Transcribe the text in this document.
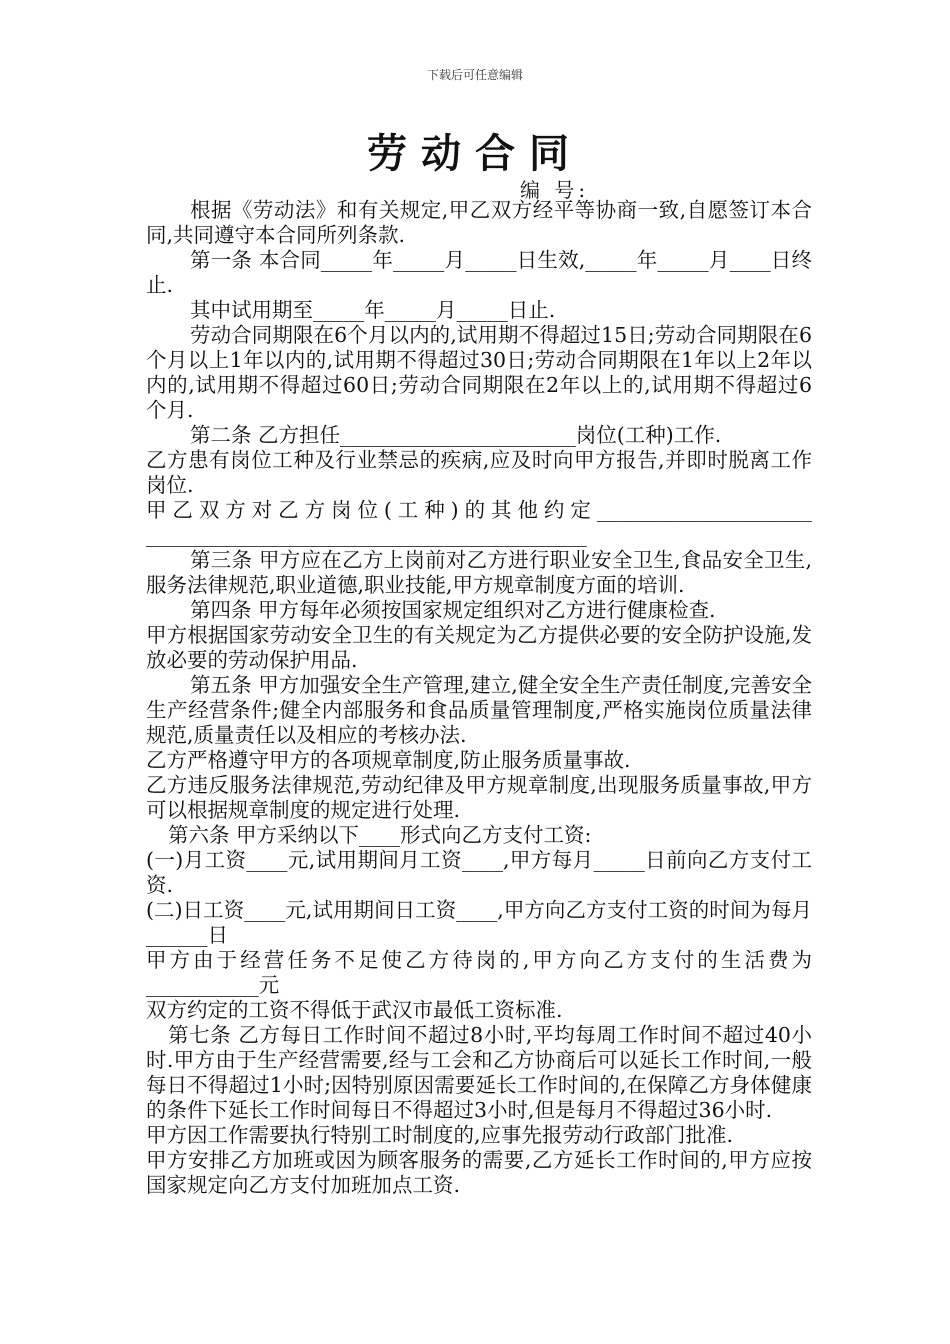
下载后可任意编辑
劳动合同
编 号:

根据《劳动法》和有关规定,甲乙双方经平等协商一致,自愿签订本合同,共同遵守本合同所列条款.

第一条 本合同_____年_____月_____日生效,_____年_____月____日终止.

其中试用期至_____年_____月_____日止.

劳动合同期限在6个月以内的,试用期不得超过15日;劳动合同期限在6个月以上1年以内的,试用期不得超过30日;劳动合同期限在1年以上2年以内的,试用期不得超过60日;劳动合同期限在2年以上的,试用期不得超过6个月.

第二条 乙方担任_______________________岗位(工种)工作.

乙方患有岗位工种及行业禁忌的疾病,应及时向甲方报告,并即时脱离工作岗位.

甲乙双方对乙方岗位(工种)的其他约定_____________________ ___________________________________________

第三条 甲方应在乙方上岗前对乙方进行职业安全卫生,食品安全卫生,服务法律规范,职业道德,职业技能,甲方规章制度方面的培训.

第四条 甲方每年必须按国家规定组织对乙方进行健康检查.

甲方根据国家劳动安全卫生的有关规定为乙方提供必要的安全防护设施,发放必要的劳动保护用品.

第五条 甲方加强安全生产管理,建立,健全安全生产责任制度,完善安全生产经营条件;健全内部服务和食品质量管理制度,严格实施岗位质量法律规范,质量责任以及相应的考核办法.

乙方严格遵守甲方的各项规章制度,防止服务质量事故.

乙方违反服务法律规范,劳动纪律及甲方规章制度,出现服务质量事故,甲方可以根据规章制度的规定进行处理.

第六条 甲方采纳以下____形式向乙方支付工资:

(一)月工资____元,试用期间月工资____,甲方每月_____日前向乙方支付工资.

(二)日工资____元,试用期间日工资____,甲方向乙方支付工资的时间为每月______日

甲方由于经营任务不足使乙方待岗的,甲方向乙方支付的生活费为 ___________元

双方约定的工资不得低于武汉市最低工资标准.

第七条 乙方每日工作时间不超过8小时,平均每周工作时间不超过40小时.甲方由于生产经营需要,经与工会和乙方协商后可以延长工作时间,一般每日不得超过1小时;因特别原因需要延长工作时间的,在保障乙方身体健康的条件下延长工作时间每日不得超过3小时,但是每月不得超过36小时.

甲方因工作需要执行特别工时制度的,应事先报劳动行政部门批准.

甲方安排乙方加班或因为顾客服务的需要,乙方延长工作时间的,甲方应按国家规定向乙方支付加班加点工资.
